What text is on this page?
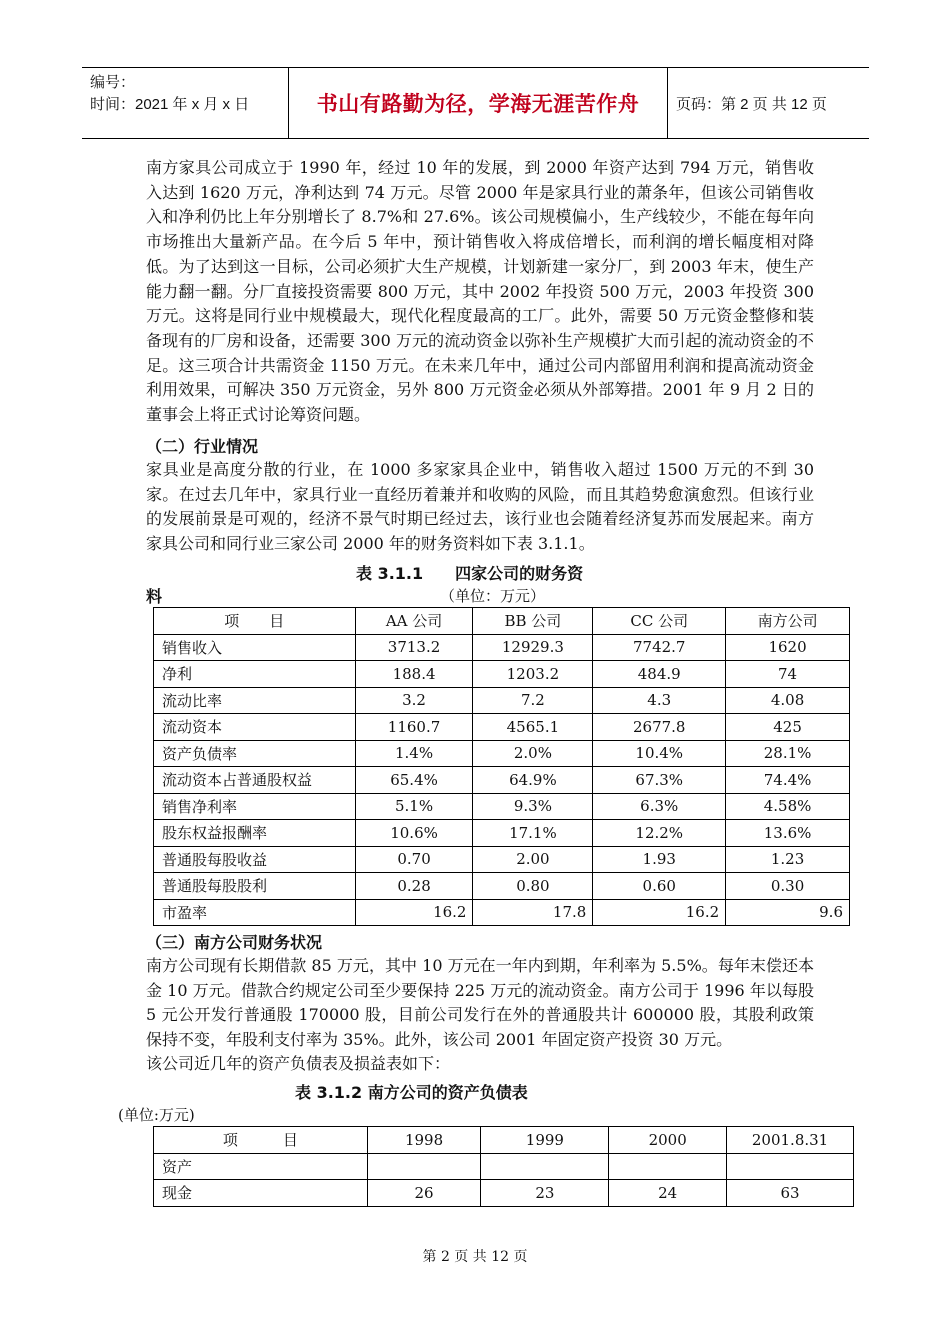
编号：
时间：2021 年 x 月 x 日	书山有路勤为径，学海无涯苦作舟	页码：第 2 页 共 12 页
南方家具公司成立于 1990 年，经过 10 年的发展，到 2000 年资产达到 794 万元，销售收入达到 1620 万元，净利达到 74 万元。尽管 2000 年是家具行业的萧条年，但该公司销售收入和净利仍比上年分别增长了 8.7%和 27.6%。该公司规模偏小，生产线较少，不能在每年向市场推出大量新产品。在今后 5 年中，预计销售收入将成倍增长，而利润的增长幅度相对降低。为了达到这一目标，公司必须扩大生产规模，计划新建一家分厂，到 2003 年末，使生产能力翻一翻。分厂直接投资需要 800 万元，其中 2002 年投资 500 万元，2003 年投资 300 万元。这将是同行业中规模最大，现代化程度最高的工厂。此外，需要 50 万元资金整修和装备现有的厂房和设备，还需要 300 万元的流动资金以弥补生产规模扩大而引起的流动资金的不足。这三项合计共需资金 1150 万元。在未来几年中，通过公司内部留用利润和提高流动资金利用效果，可解决 350 万元资金，另外 800 万元资金必须从外部筹措。2001 年 9 月 2 日的董事会上将正式讨论筹资问题。
（二）行业情况
家具业是高度分散的行业，在 1000 多家家具企业中，销售收入超过 1500 万元的不到 30 家。在过去几年中，家具行业一直经历着兼并和收购的风险，而且其趋势愈演愈烈。但该行业的发展前景是可观的，经济不景气时期已经过去，该行业也会随着经济复苏而发展起来。南方家具公司和同行业三家公司 2000 年的财务资料如下表 3.1.1。
表 3.1.1　　四家公司的财务资
料	（单位：万元）
项　　目	AA 公司	BB 公司	CC 公司	南方公司
销售收入	3713.2	12929.3	7742.7	1620
净利	188.4	1203.2	484.9	74
流动比率	3.2	7.2	4.3	4.08
流动资本	1160.7	4565.1	2677.8	425
资产负债率	1.4%	2.0%	10.4%	28.1%
流动资本占普通股权益	65.4%	64.9%	67.3%	74.4%
销售净利率	5.1%	9.3%	6.3%	4.58%
股东权益报酬率	10.6%	17.1%	12.2%	13.6%
普通股每股收益	0.70	2.00	1.93	1.23
普通股每股股利	0.28	0.80	0.60	0.30
市盈率	16.2	17.8	16.2	9.6
（三）南方公司财务状况
南方公司现有长期借款 85 万元，其中 10 万元在一年内到期，年利率为 5.5%。每年末偿还本金 10 万元。借款合约规定公司至少要保持 225 万元的流动资金。南方公司于 1996 年以每股 5 元公开发行普通股 170000 股，目前公司发行在外的普通股共计 600000 股，其股利政策保持不变，年股利支付率为 35%。此外，该公司 2001 年固定资产投资 30 万元。
该公司近几年的资产负债表及损益表如下：
表 3.1.2 南方公司的资产负债表
(单位:万元)
项　　　目	1998	1999	2000	2001.8.31
资产				
现金	26	23	24	63
第 2 页 共 12 页
